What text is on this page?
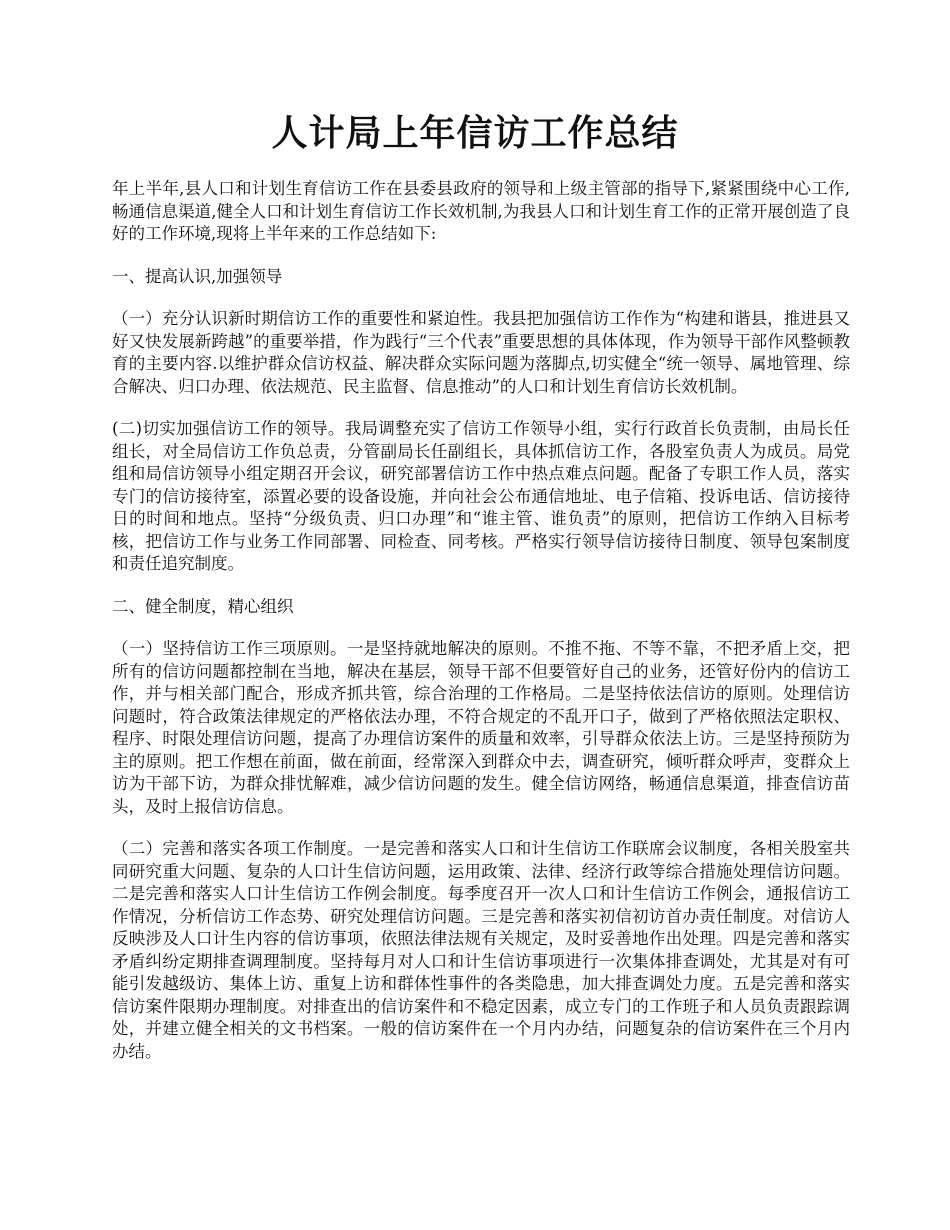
人计局上年信访工作总结

年上半年,县人口和计划生育信访工作在县委县政府的领导和上级主管部的指导下,紧紧围绕中心工作,畅通信息渠道,健全人口和计划生育信访工作长效机制,为我县人口和计划生育工作的正常开展创造了良好的工作环境,现将上半年来的工作总结如下:

一、提高认识,加强领导

（一）充分认识新时期信访工作的重要性和紧迫性。我县把加强信访工作作为“构建和谐县，推进县又好又快发展新跨越”的重要举措，作为践行“三个代表”重要思想的具体体现，作为领导干部作风整顿教育的主要内容.以维护群众信访权益、解决群众实际问题为落脚点,切实健全“统一领导、属地管理、综合解决、归口办理、依法规范、民主监督、信息推动”的人口和计划生育信访长效机制。

(二)切实加强信访工作的领导。我局调整充实了信访工作领导小组，实行行政首长负责制，由局长任组长，对全局信访工作负总责，分管副局长任副组长，具体抓信访工作，各股室负责人为成员。局党组和局信访领导小组定期召开会议，研究部署信访工作中热点难点问题。配备了专职工作人员，落实专门的信访接待室，添置必要的设备设施，并向社会公布通信地址、电子信箱、投诉电话、信访接待日的时间和地点。坚持“分级负责、归口办理”和“谁主管、谁负责”的原则，把信访工作纳入目标考核，把信访工作与业务工作同部署、同检查、同考核。严格实行领导信访接待日制度、领导包案制度和责任追究制度。

二、健全制度，精心组织

（一）坚持信访工作三项原则。一是坚持就地解决的原则。不推不拖、不等不靠，不把矛盾上交，把所有的信访问题都控制在当地，解决在基层，领导干部不但要管好自己的业务，还管好份内的信访工作，并与相关部门配合，形成齐抓共管，综合治理的工作格局。二是坚持依法信访的原则。处理信访问题时，符合政策法律规定的严格依法办理，不符合规定的不乱开口子，做到了严格依照法定职权、程序、时限处理信访问题，提高了办理信访案件的质量和效率，引导群众依法上访。三是坚持预防为主的原则。把工作想在前面，做在前面，经常深入到群众中去，调查研究，倾听群众呼声，变群众上访为干部下访，为群众排忧解难，减少信访问题的发生。健全信访网络，畅通信息渠道，排查信访苗头，及时上报信访信息。

（二）完善和落实各项工作制度。一是完善和落实人口和计生信访工作联席会议制度，各相关股室共同研究重大问题、复杂的人口计生信访问题，运用政策、法律、经济行政等综合措施处理信访问题。二是完善和落实人口计生信访工作例会制度。每季度召开一次人口和计生信访工作例会，通报信访工作情况，分析信访工作态势、研究处理信访问题。三是完善和落实初信初访首办责任制度。对信访人反映涉及人口计生内容的信访事项，依照法律法规有关规定，及时妥善地作出处理。四是完善和落实矛盾纠纷定期排查调理制度。坚持每月对人口和计生信访事项进行一次集体排查调处，尤其是对有可能引发越级访、集体上访、重复上访和群体性事件的各类隐患，加大排查调处力度。五是完善和落实信访案件限期办理制度。对排查出的信访案件和不稳定因素，成立专门的工作班子和人员负责跟踪调处，并建立健全相关的文书档案。一般的信访案件在一个月内办结，问题复杂的信访案件在三个月内办结。
